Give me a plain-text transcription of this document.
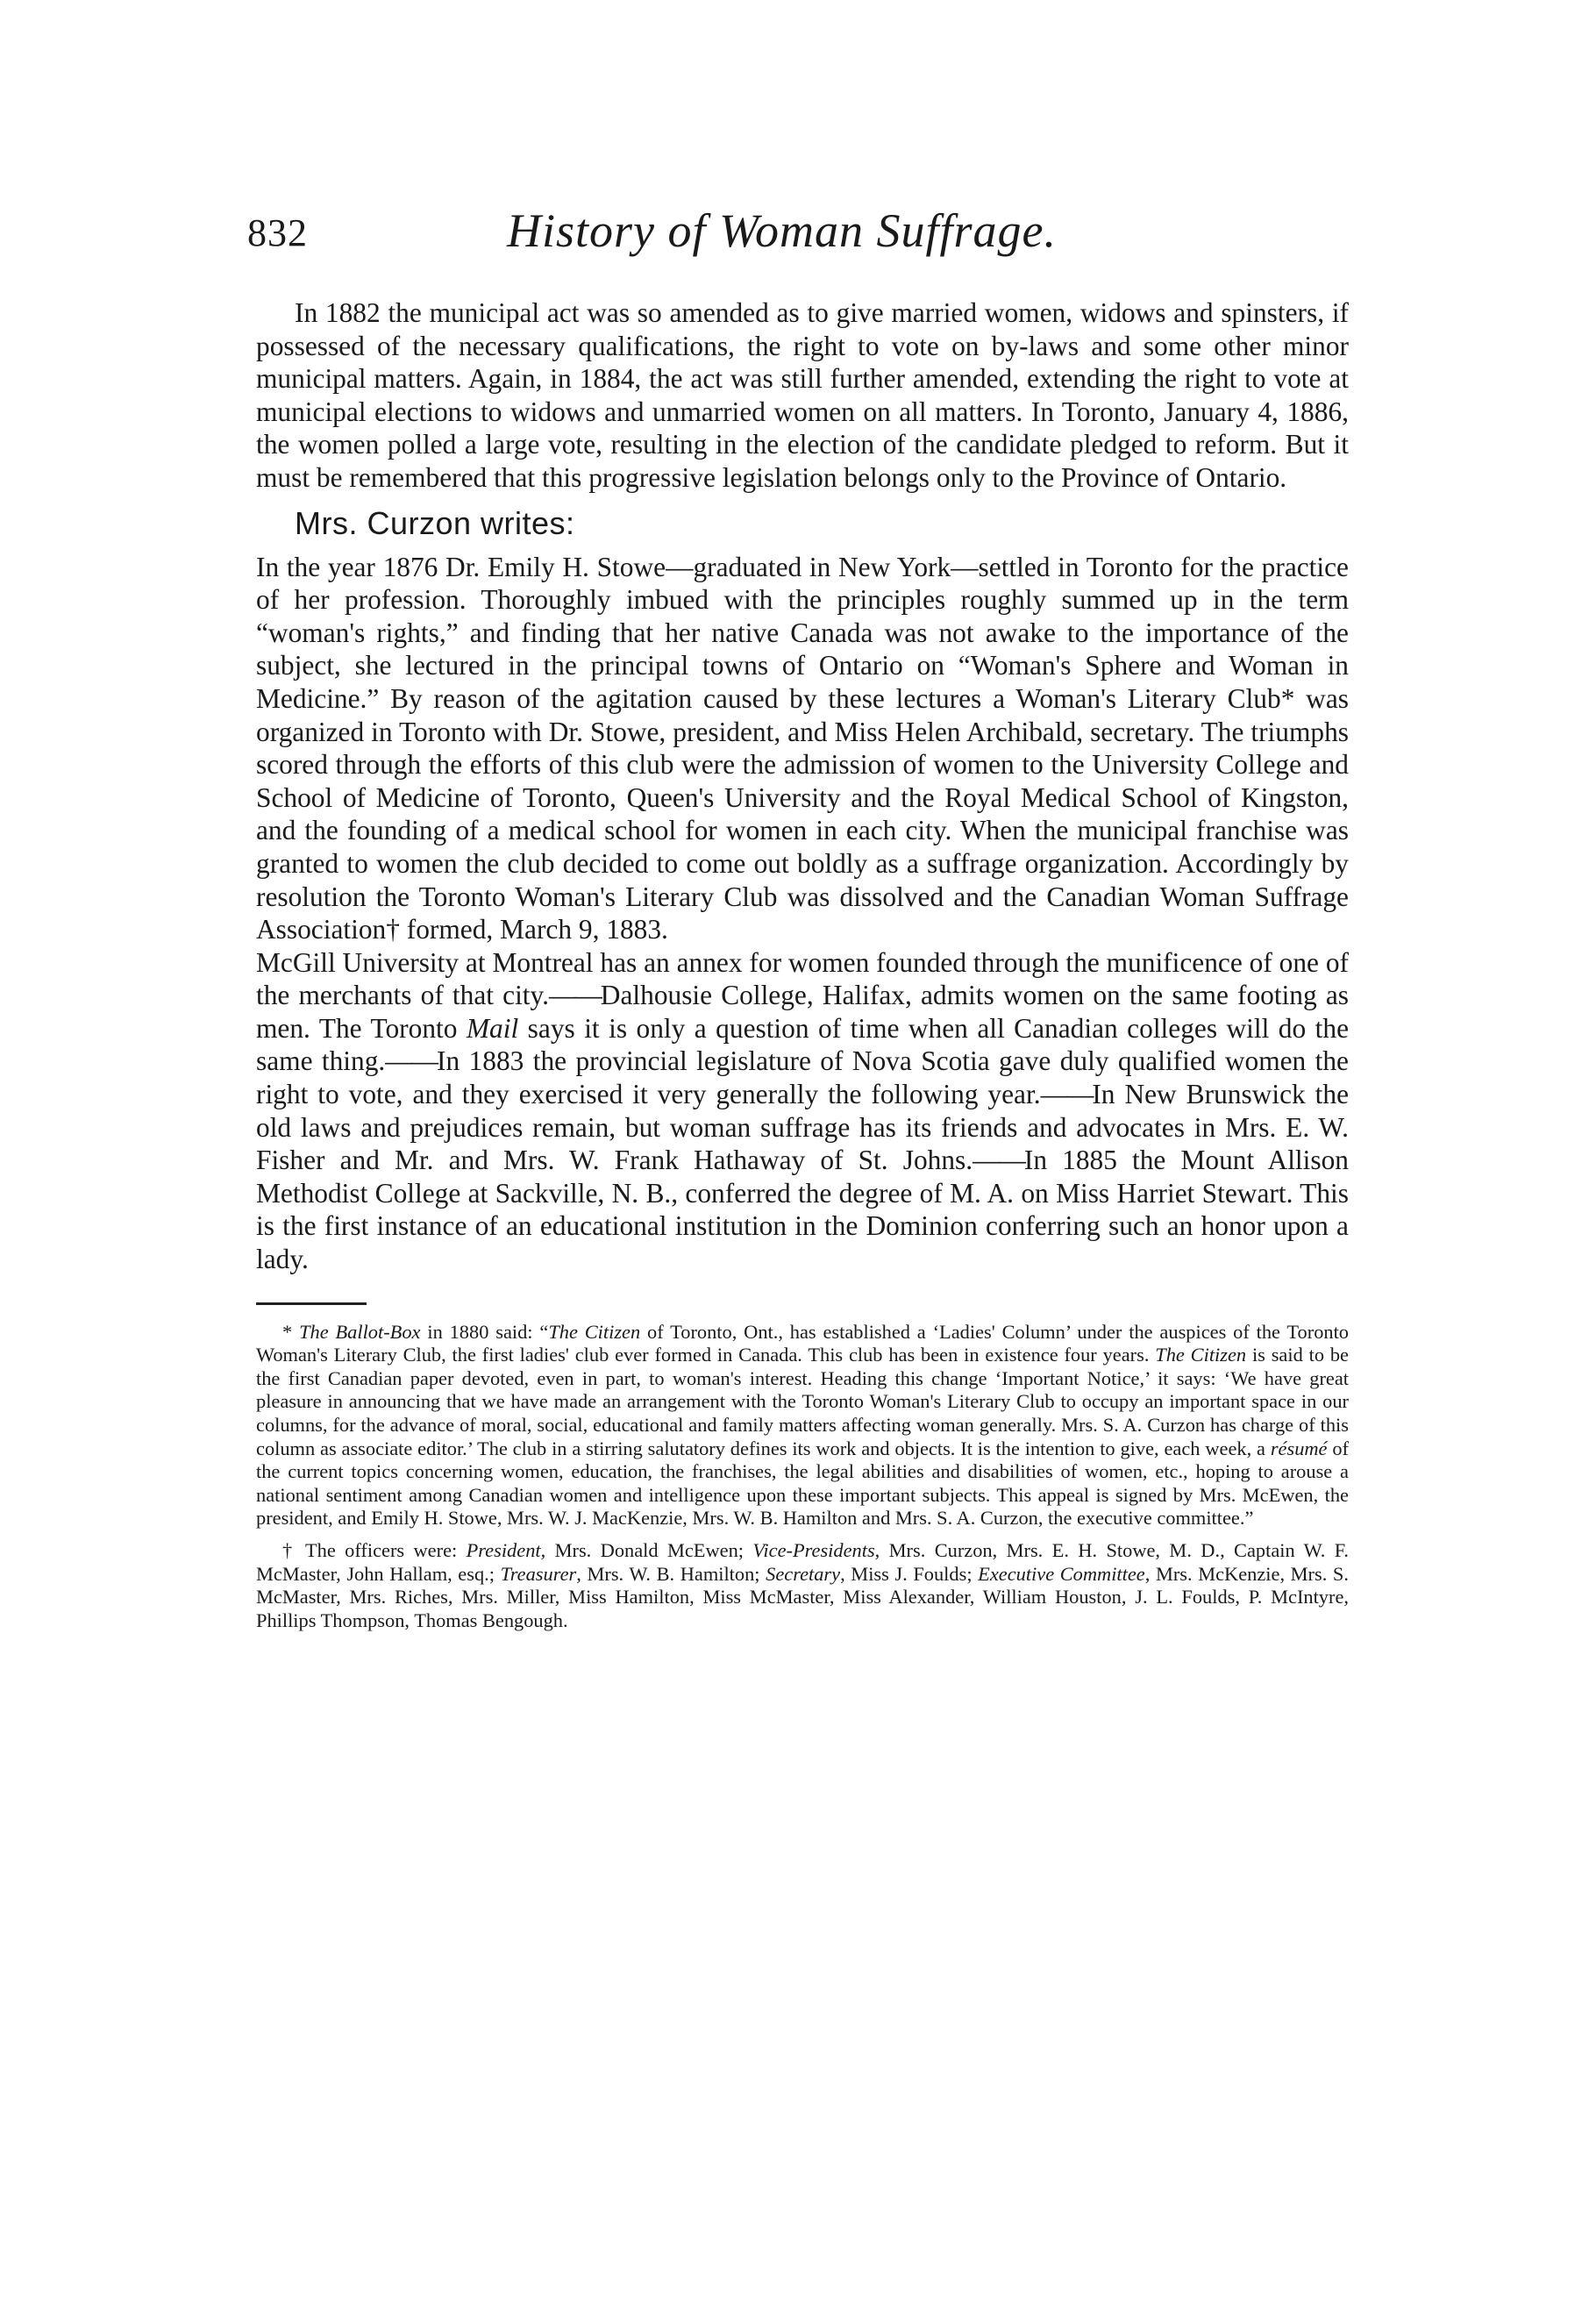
832	History of Woman Suffrage.

In 1882 the municipal act was so amended as to give married women, widows and spinsters, if possessed of the necessary qualifications, the right to vote on by-laws and some other minor municipal matters. Again, in 1884, the act was still further amended, extending the right to vote at municipal elections to widows and unmarried women on all matters. In Toronto, January 4, 1886, the women polled a large vote, resulting in the election of the candidate pledged to reform. But it must be remembered that this progressive legislation belongs only to the Province of Ontario.

Mrs. Curzon writes:

In the year 1876 Dr. Emily H. Stowe—graduated in New York—settled in Toronto for the practice of her profession. Thoroughly imbued with the principles roughly summed up in the term “woman's rights,” and finding that her native Canada was not awake to the importance of the subject, she lectured in the principal towns of Ontario on “Woman's Sphere and Woman in Medicine.” By reason of the agitation caused by these lectures a Woman's Literary Club* was organized in Toronto with Dr. Stowe, president, and Miss Helen Archibald, secretary. The triumphs scored through the efforts of this club were the admission of women to the University College and School of Medicine of Toronto, Queen's University and the Royal Medical School of Kingston, and the founding of a medical school for women in each city. When the municipal franchise was granted to women the club decided to come out boldly as a suffrage organization. Accordingly by resolution the Toronto Woman's Literary Club was dissolved and the Canadian Woman Suffrage Association† formed, March 9, 1883.

McGill University at Montreal has an annex for women founded through the munificence of one of the merchants of that city.——Dalhousie College, Halifax, admits women on the same footing as men. The Toronto Mail says it is only a question of time when all Canadian colleges will do the same thing.——In 1883 the provincial legislature of Nova Scotia gave duly qualified women the right to vote, and they exercised it very generally the following year.——In New Brunswick the old laws and prejudices remain, but woman suffrage has its friends and advocates in Mrs. E. W. Fisher and Mr. and Mrs. W. Frank Hathaway of St. Johns.——In 1885 the Mount Allison Methodist College at Sackville, N. B., conferred the degree of M. A. on Miss Harriet Stewart. This is the first instance of an educational institution in the Dominion conferring such an honor upon a lady.

* The Ballot-Box in 1880 said: “The Citizen of Toronto, Ont., has established a ‘Ladies' Column’ under the auspices of the Toronto Woman's Literary Club, the first ladies' club ever formed in Canada. This club has been in existence four years. The Citizen is said to be the first Canadian paper devoted, even in part, to woman's interest. Heading this change ‘Important Notice,’ it says: ‘We have great pleasure in announcing that we have made an arrangement with the Toronto Woman's Literary Club to occupy an important space in our columns, for the advance of moral, social, educational and family matters affecting woman generally. Mrs. S. A. Curzon has charge of this column as associate editor.’ The club in a stirring salutatory defines its work and objects. It is the intention to give, each week, a résumé of the current topics concerning women, education, the franchises, the legal abilities and disabilities of women, etc., hoping to arouse a national sentiment among Canadian women and intelligence upon these important subjects. This appeal is signed by Mrs. McEwen, the president, and Emily H. Stowe, Mrs. W. J. MacKenzie, Mrs. W. B. Hamilton and Mrs. S. A. Curzon, the executive committee.”

† The officers were: President, Mrs. Donald McEwen; Vice-Presidents, Mrs. Curzon, Mrs. E. H. Stowe, M. D., Captain W. F. McMaster, John Hallam, esq.; Treasurer, Mrs. W. B. Hamilton; Secretary, Miss J. Foulds; Executive Committee, Mrs. McKenzie, Mrs. S. McMaster, Mrs. Riches, Mrs. Miller, Miss Hamilton, Miss McMaster, Miss Alexander, William Houston, J. L. Foulds, P. McIntyre, Phillips Thompson, Thomas Bengough.
